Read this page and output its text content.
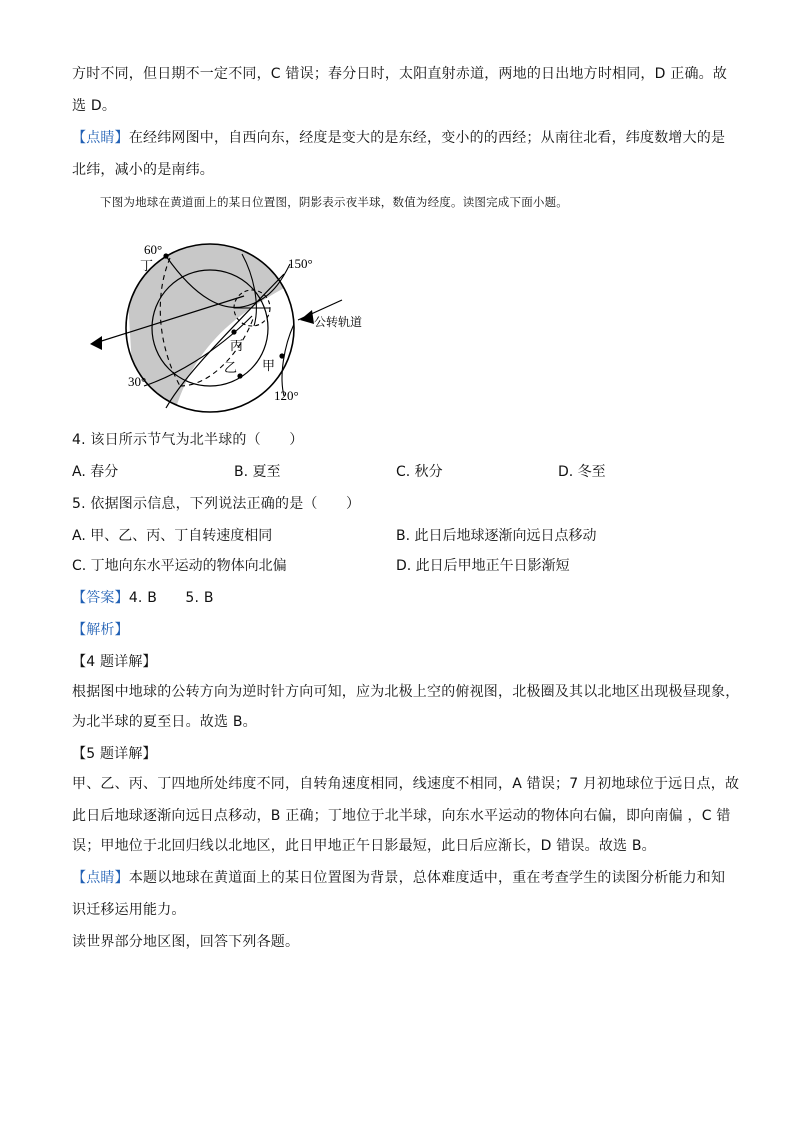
方时不同，但日期不一定不同，C 错误；春分日时，太阳直射赤道，两地的日出地方时相同，D 正确。故
选 D。
【点睛】在经纬网图中，自西向东，经度是变大的是东经，变小的的西经；从南往北看，纬度数增大的是
北纬，减小的是南纬。
下图为地球在黄道面上的某日位置图，阴影表示夜半球，数值为经度。读图完成下面小题。
60°
150°
30°
120°
丁
丙
乙 甲
公转轨道
4. 该日所示节气为北半球的（　　）
A. 春分	B. 夏至	C. 秋分	D. 冬至
5. 依据图示信息，下列说法正确的是（　　）
A. 甲、乙、丙、丁自转速度相同	B. 此日后地球逐渐向远日点移动
C. 丁地向东水平运动的物体向北偏	D. 此日后甲地正午日影渐短
【答案】4. B　　5. B
【解析】
【4 题详解】
根据图中地球的公转方向为逆时针方向可知，应为北极上空的俯视图，北极圈及其以北地区出现极昼现象，
为北半球的夏至日。故选 B。
【5 题详解】
甲、乙、丙、丁四地所处纬度不同，自转角速度相同，线速度不相同，A 错误；7 月初地球位于远日点，故
此日后地球逐渐向远日点移动，B 正确；丁地位于北半球，向东水平运动的物体向右偏，即向南偏 ，C 错
误；甲地位于北回归线以北地区，此日甲地正午日影最短，此日后应渐长，D 错误。故选 B。
【点睛】本题以地球在黄道面上的某日位置图为背景，总体难度适中，重在考查学生的读图分析能力和知
识迁移运用能力。
读世界部分地区图，回答下列各题。
